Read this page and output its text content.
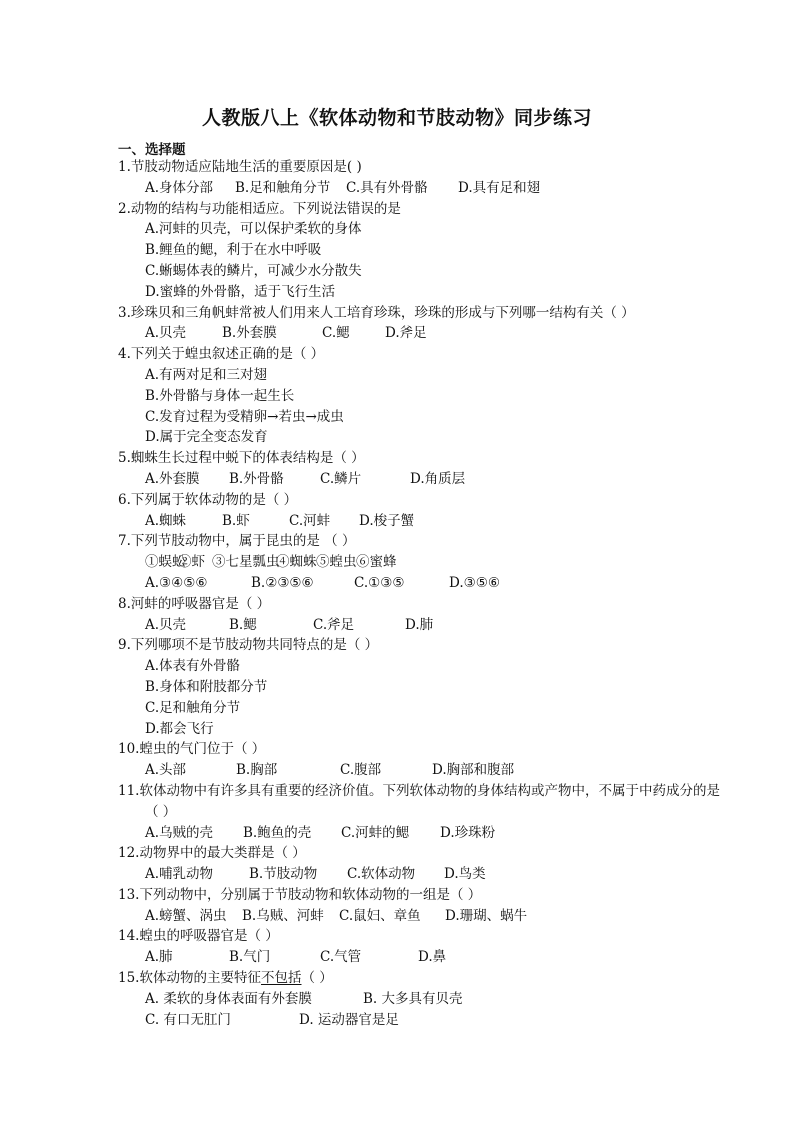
人教版八上《软体动物和节肢动物》同步练习
一、选择题
1.节肢动物适应陆地生活的重要原因是( )
A.身体分部 B.足和触角分节 C.具有外骨骼 D.具有足和翅
2.动物的结构与功能相适应。下列说法错误的是
A.河蚌的贝壳，可以保护柔软的身体
B.鲤鱼的鳃，利于在水中呼吸
C.蜥蜴体表的鳞片，可减少水分散失
D.蜜蜂的外骨骼，适于飞行生活
3.珍珠贝和三角帆蚌常被人们用来人工培育珍珠，珍珠的形成与下列哪一结构有关（ ）
A.贝壳	B.外套膜	C.鳃	D.斧足
4.下列关于蝗虫叙述正确的是（ ）
A.有两对足和三对翅
B.外骨骼与身体一起生长
C.发育过程为受精卵→若虫→成虫
D.属于完全变态发育
5.蜘蛛生长过程中蜕下的体表结构是（ ）
A.外套膜 B.外骨骼	C.鳞片	D.角质层
6.下列属于软体动物的是（ ）
A.蜘蛛	B.虾	C.河蚌 D.梭子蟹
7.下列节肢动物中，属于昆虫的是 （ ）
①蜈蚣②虾 ③七星瓢虫④蜘蛛⑤蝗虫⑥蜜蜂
A.③④⑤⑥	B.②③⑤⑥	C.①③⑤	D.③⑤⑥
8.河蚌的呼吸器官是（ ）
A.贝壳	B.鳃	C.斧足	D.肺
9.下列哪项不是节肢动物共同特点的是（ ）
A.体表有外骨骼
B.身体和附肢都分节
C.足和触角分节
D.都会飞行
10.蝗虫的气门位于（ ）
A.头部	B.胸部	C.腹部	D.胸部和腹部
11.软体动物中有许多具有重要的经济价值。下列软体动物的身体结构或产物中，不属于中药成分的是（ ）
A.乌贼的壳 B.鲍鱼的壳 C.河蚌的鳃 D.珍珠粉
12.动物界中的最大类群是（ ）
A.哺乳动物	B.节肢动物 C.软体动物 D.鸟类
13.下列动物中，分别属于节肢动物和软体动物的一组是（ ）
A.螃蟹、涡虫 B.乌贼、河蚌 C.鼠妇、章鱼 D.珊瑚、蜗牛
14.蝗虫的呼吸器官是（ ）
A.肺	B.气门	C.气管	D.鼻
15.软体动物的主要特征不包括（ ）
A. 柔软的身体表面有外套膜	B. 大多具有贝壳
C. 有口无肛门	D. 运动器官是足
